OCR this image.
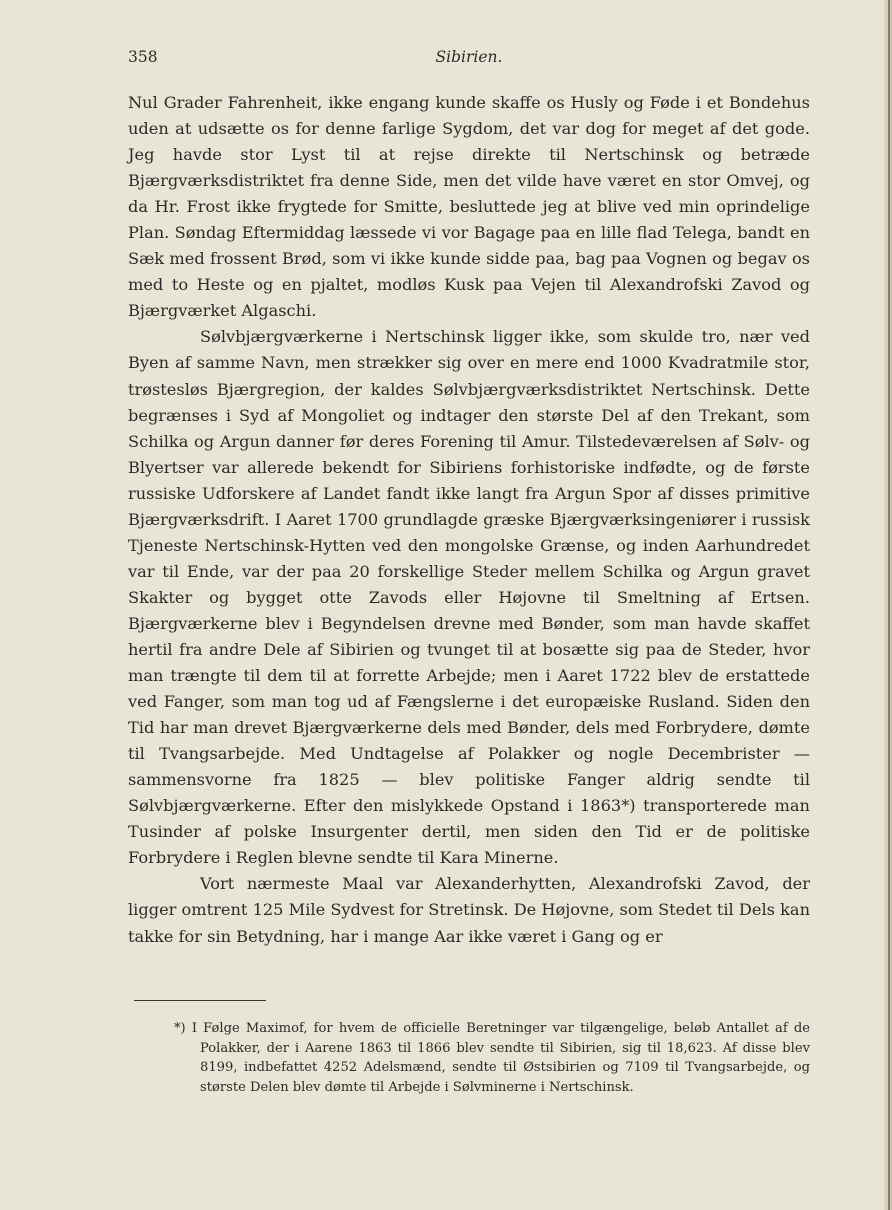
358	Sibirien.

Nul Grader Fahrenheit, ikke engang kunde skaffe os Husly og Føde i et Bondehus uden at udsætte os for denne farlige Sygdom, det var dog for meget af det gode. Jeg havde stor Lyst til at rejse direkte til Nertschinsk og betræde Bjærgværksdistriktet fra denne Side, men det vilde have været en stor Omvej, og da Hr. Frost ikke frygtede for Smitte, besluttede jeg at blive ved min oprindelige Plan. Søndag Eftermiddag læssede vi vor Bagage paa en lille flad Telega, bandt en Sæk med frossent Brød, som vi ikke kunde sidde paa, bag paa Vognen og begav os med to Heste og en pjaltet, modløs Kusk paa Vejen til Alexandrofski Zavod og Bjærgværket Algaschi.

Sølvbjærgværkerne i Nertschinsk ligger ikke, som skulde tro, nær ved Byen af samme Navn, men strækker sig over en mere end 1000 Kvadratmile stor, trøstesløs Bjærgregion, der kaldes Sølvbjærgværksdistriktet Nertschinsk. Dette begrænses i Syd af Mongoliet og indtager den største Del af den Trekant, som Schilka og Argun danner før deres Forening til Amur. Tilstedeværelsen af Sølv- og Blyertser var allerede bekendt for Sibiriens forhistoriske indfødte, og de første russiske Udforskere af Landet fandt ikke langt fra Argun Spor af disses primitive Bjærgværksdrift. I Aaret 1700 grundlagde græske Bjærgværksingeniører i russisk Tjeneste Nertschinsk-Hytten ved den mongolske Grænse, og inden Aarhundredet var til Ende, var der paa 20 forskellige Steder mellem Schilka og Argun gravet Skakter og bygget otte Zavods eller Højovne til Smeltning af Ertsen. Bjærgværkerne blev i Begyndelsen drevne med Bønder, som man havde skaffet hertil fra andre Dele af Sibirien og tvunget til at bosætte sig paa de Steder, hvor man trængte til dem til at forrette Arbejde; men i Aaret 1722 blev de erstattede ved Fanger, som man tog ud af Fængslerne i det europæiske Rusland. Siden den Tid har man drevet Bjærgværkerne dels med Bønder, dels med Forbrydere, dømte til Tvangsarbejde. Med Undtagelse af Polakker og nogle Decembrister — sammensvorne fra 1825 — blev politiske Fanger aldrig sendte til Sølvbjærgværkerne. Efter den mislykkede Opstand i 1863*) transporterede man Tusinder af polske Insurgenter dertil, men siden den Tid er de politiske Forbrydere i Reglen blevne sendte til Kara Minerne.

Vort nærmeste Maal var Alexanderhytten, Alexandrofski Zavod, der ligger omtrent 125 Mile Sydvest for Stretinsk. De Højovne, som Stedet til Dels kan takke for sin Betydning, har i mange Aar ikke været i Gang og er

*) I Følge Maximof, for hvem de officielle Beretninger var tilgængelige, beløb Antallet af de Polakker, der i Aarene 1863 til 1866 blev sendte til Sibirien, sig til 18,623. Af disse blev 8199, indbefattet 4252 Adelsmænd, sendte til Østsibirien og 7109 til Tvangsarbejde, og største Delen blev dømte til Arbejde i Sølvminerne i Nertschinsk.
